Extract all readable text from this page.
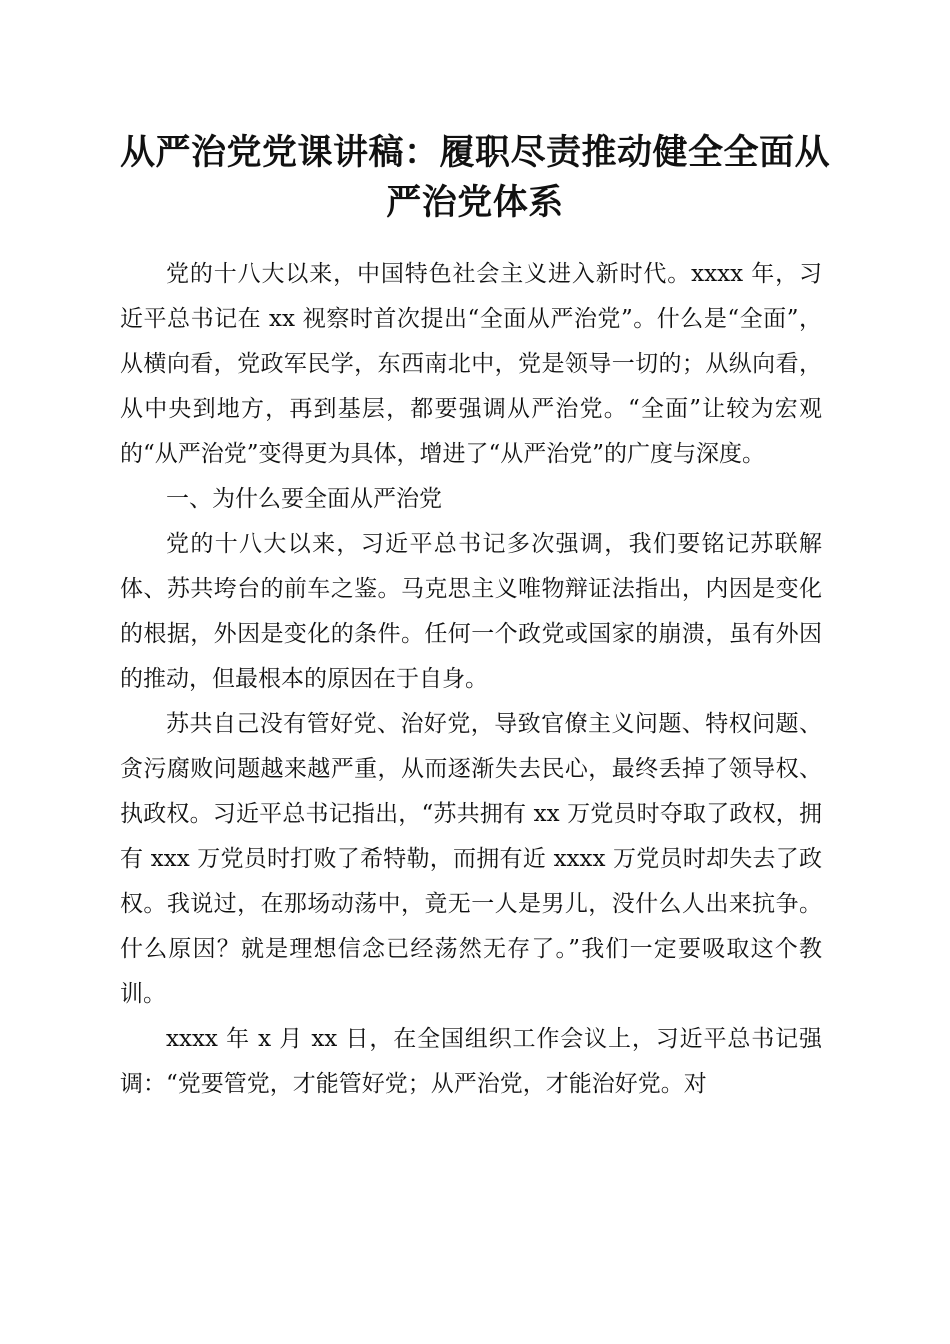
从严治党党课讲稿：履职尽责推动健全全面从
严治党体系

党的十八大以来，中国特色社会主义进入新时代。xxxx 年，习近平总书记在 xx 视察时首次提出“全面从严治党”。什么是“全面”，从横向看，党政军民学，东西南北中，党是领导一切的；从纵向看，从中央到地方，再到基层，都要强调从严治党。“全面”让较为宏观的“从严治党”变得更为具体，增进了“从严治党”的广度与深度。

一、为什么要全面从严治党

党的十八大以来，习近平总书记多次强调，我们要铭记苏联解体、苏共垮台的前车之鉴。马克思主义唯物辩证法指出，内因是变化的根据，外因是变化的条件。任何一个政党或国家的崩溃，虽有外因的推动，但最根本的原因在于自身。

苏共自己没有管好党、治好党，导致官僚主义问题、特权问题、贪污腐败问题越来越严重，从而逐渐失去民心，最终丢掉了领导权、执政权。习近平总书记指出，“苏共拥有 xx 万党员时夺取了政权，拥有 xxx 万党员时打败了希特勒，而拥有近 xxxx 万党员时却失去了政权。我说过，在那场动荡中，竟无一人是男儿，没什么人出来抗争。什么原因？就是理想信念已经荡然无存了。”我们一定要吸取这个教训。

xxxx 年 x 月 xx 日，在全国组织工作会议上，习近平总书记强调：“党要管党，才能管好党；从严治党，才能治好党。对
